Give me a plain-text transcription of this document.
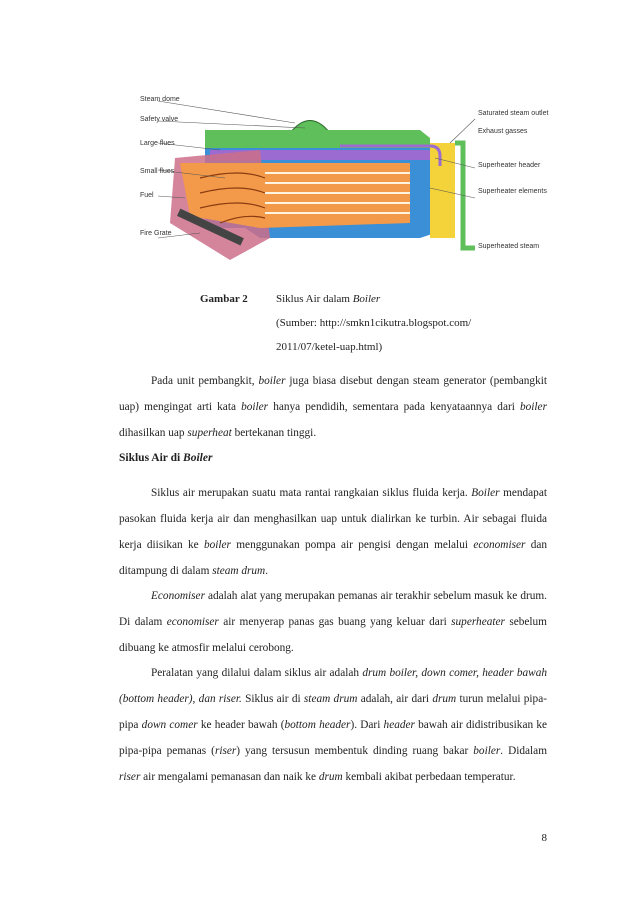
Steam dome
Safety valve
Large flues
Small flues
Fuel
Fire Grate
Saturated steam outlet
Exhaust gasses
Superheater header
Superheater elements
Superheated steam
Gambar 2	Siklus Air dalam Boiler
(Sumber: http://smkn1cikutra.blogspot.com/
2011/07/ketel-uap.html)

Pada unit pembangkit, boiler juga biasa disebut dengan steam generator (pembangkit uap) mengingat arti kata boiler hanya pendidih, sementara pada kenyataannya dari boiler dihasilkan uap superheat bertekanan tinggi.

Siklus Air di Boiler

Siklus air merupakan suatu mata rantai rangkaian siklus fluida kerja. Boiler mendapat pasokan fluida kerja air dan menghasilkan uap untuk dialirkan ke turbin. Air sebagai fluida kerja diisikan ke boiler menggunakan pompa air pengisi dengan melalui economiser dan ditampung di dalam steam drum.

Economiser adalah alat yang merupakan pemanas air terakhir sebelum masuk ke drum. Di dalam economiser air menyerap panas gas buang yang keluar dari superheater sebelum dibuang ke atmosfir melalui cerobong.

Peralatan yang dilalui dalam siklus air adalah drum boiler, down comer, header bawah (bottom header), dan riser. Siklus air di steam drum adalah, air dari drum turun melalui pipa-pipa down comer ke header bawah (bottom header). Dari header bawah air didistribusikan ke pipa-pipa pemanas (riser) yang tersusun membentuk dinding ruang bakar boiler. Didalam riser air mengalami pemanasan dan naik ke drum kembali akibat perbedaan temperatur.

8
